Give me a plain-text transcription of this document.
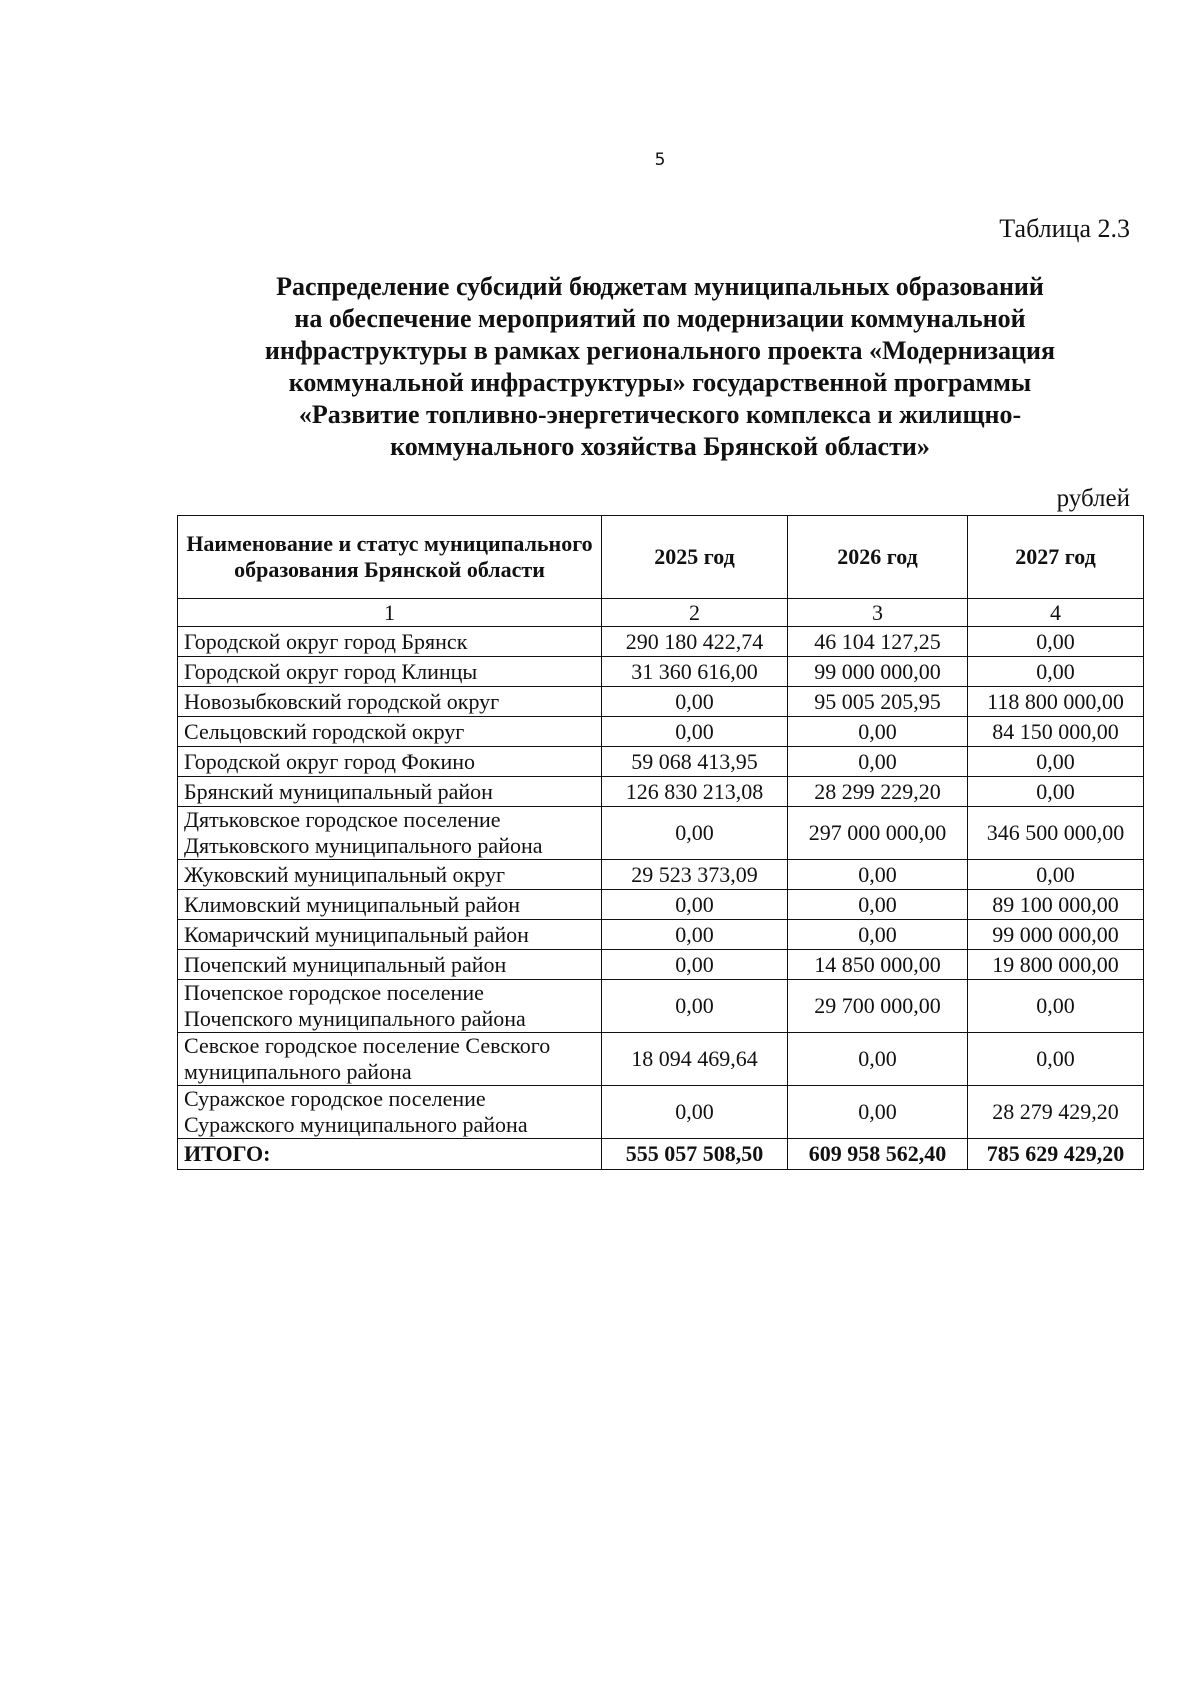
5
Таблица 2.3
Распределение субсидий бюджетам муниципальных образований
на обеспечение мероприятий по модернизации коммунальной
инфраструктуры в рамках регионального проекта «Модернизация
коммунальной инфраструктуры» государственной программы
«Развитие топливно-энергетического комплекса и жилищно-
коммунального хозяйства Брянской области»
рублей
Наименование и статус муниципального образования Брянской области	2025 год	2026 год	2027 год
1	2	3	4
Городской округ город Брянск	290 180 422,74	46 104 127,25	0,00
Городской округ город Клинцы	31 360 616,00	99 000 000,00	0,00
Новозыбковский городской округ	0,00	95 005 205,95	118 800 000,00
Сельцовский городской округ	0,00	0,00	84 150 000,00
Городской округ город Фокино	59 068 413,95	0,00	0,00
Брянский муниципальный район	126 830 213,08	28 299 229,20	0,00
Дятьковское городское поселение Дятьковского муниципального района	0,00	297 000 000,00	346 500 000,00
Жуковский муниципальный округ	29 523 373,09	0,00	0,00
Климовский муниципальный район	0,00	0,00	89 100 000,00
Комаричский муниципальный район	0,00	0,00	99 000 000,00
Почепский муниципальный район	0,00	14 850 000,00	19 800 000,00
Почепское городское поселение Почепского муниципального района	0,00	29 700 000,00	0,00
Севское городское поселение Севского муниципального района	18 094 469,64	0,00	0,00
Суражское городское поселение Суражского муниципального района	0,00	0,00	28 279 429,20
ИТОГО:	555 057 508,50	609 958 562,40	785 629 429,20
